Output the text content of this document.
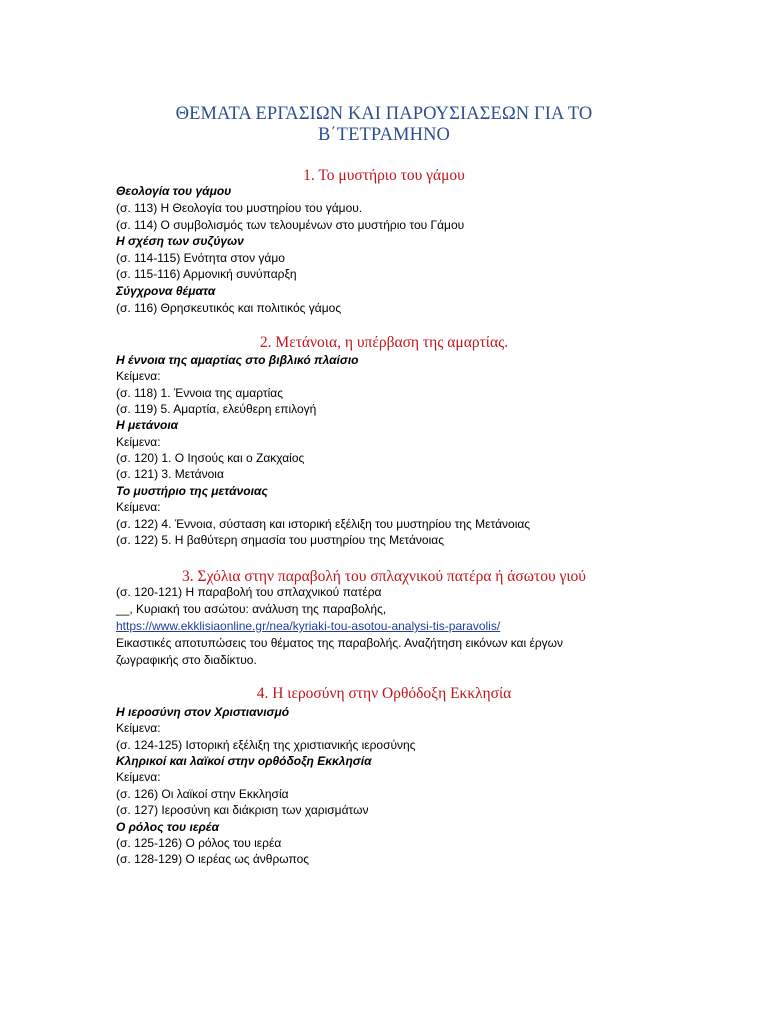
ΘΕΜΑΤΑ ΕΡΓΑΣΙΩΝ ΚΑΙ ΠΑΡΟΥΣΙΑΣΕΩΝ ΓΙΑ ΤΟ
Β΄ΤΕΤΡΑΜΗΝΟ
1. Το μυστήριο του γάμου
Θεολογία του γάμου
(σ. 113) Η Θεολογία του μυστηρίου του γάμου.
(σ. 114) Ο συμβολισμός των τελουμένων στο μυστήριο του Γάμου
Η σχέση των συζύγων
(σ. 114-115) Ενότητα στον γάμο
(σ. 115-116) Αρμονική συνύπαρξη
Σύγχρονα θέματα
(σ. 116) Θρησκευτικός και πολιτικός γάμος
2. Μετάνοια, η υπέρβαση της αμαρτίας.
Η έννοια της αμαρτίας στο βιβλικό πλαίσιο
Κείμενα:
(σ. 118) 1. Έννοια της αμαρτίας
(σ. 119) 5. Αμαρτία, ελεύθερη επιλογή
Η μετάνοια
Κείμενα:
(σ. 120) 1. Ο Ιησούς και ο Ζακχαίος
(σ. 121) 3. Μετάνοια
Το μυστήριο της μετάνοιας
Κείμενα:
(σ. 122) 4. Έννοια, σύσταση και ιστορική εξέλιξη του μυστηρίου της Μετάνοιας
(σ. 122) 5. Η βαθύτερη σημασία του μυστηρίου της Μετάνοιας
3. Σχόλια στην παραβολή του σπλαχνικού πατέρα ή άσωτου γιού
(σ. 120-121) Η παραβολή του σπλαχνικού πατέρα
__, Κυριακή του ασώτου: ανάλυση της παραβολής,
https://www.ekklisiaonline.gr/nea/kyriaki-tou-asotou-analysi-tis-paravolis/
Εικαστικές αποτυπώσεις του θέματος της παραβολής. Αναζήτηση εικόνων και έργων
ζωγραφικής στο διαδίκτυο.
4. Η ιεροσύνη στην Ορθόδοξη Εκκλησία
Η ιεροσύνη στον Χριστιανισμό
Κείμενα:
(σ. 124-125) Ιστορική εξέλιξη της χριστιανικής ιεροσύνης
Κληρικοί και λαϊκοί στην ορθόδοξη Εκκλησία
Κείμενα:
(σ. 126) Οι λαϊκοί στην Εκκλησία
(σ. 127) Ιεροσύνη και διάκριση των χαρισμάτων
Ο ρόλος του ιερέα
(σ. 125-126) Ο ρόλος του ιερέα
(σ. 128-129) Ο ιερέας ως άνθρωπος
